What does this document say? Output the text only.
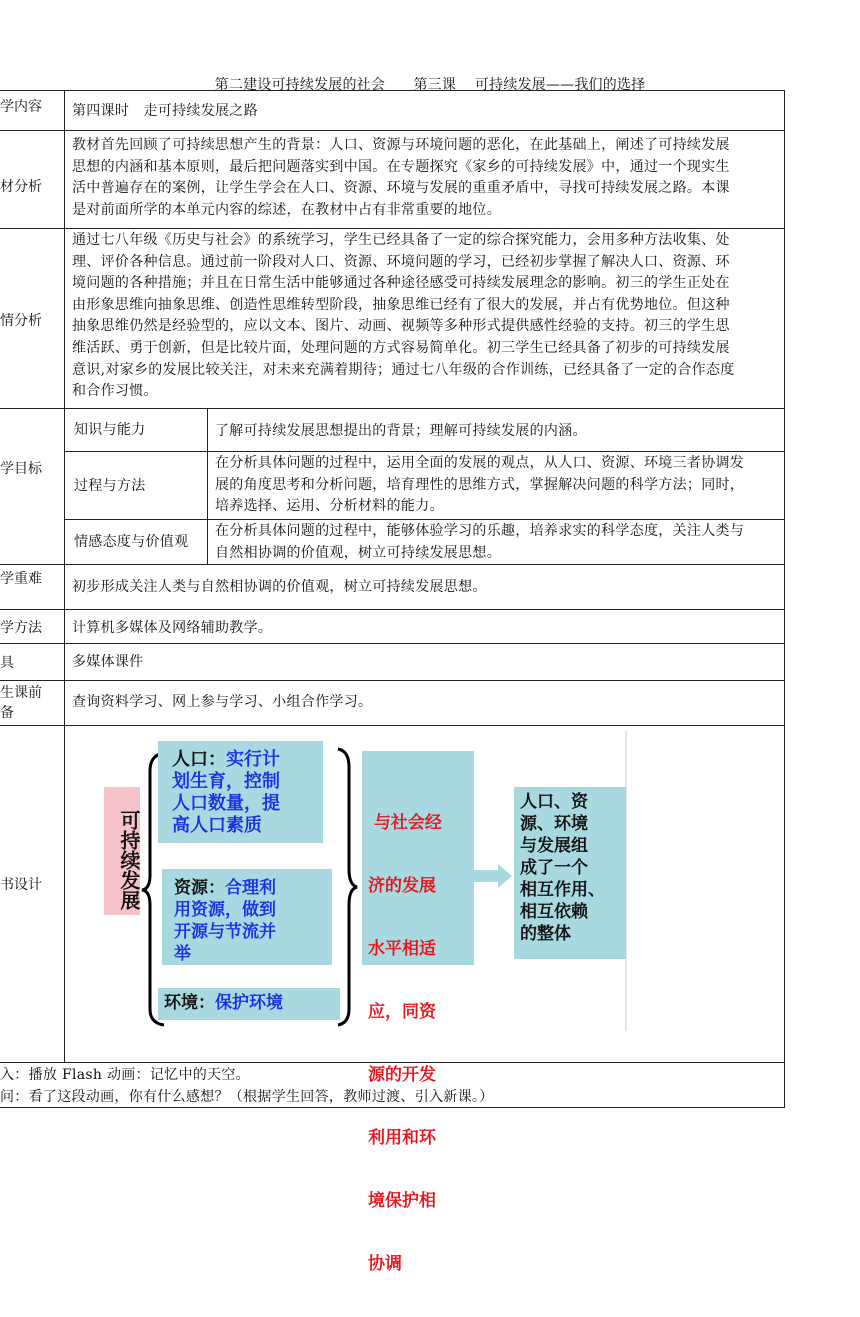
第二建设可持续发展的社会　　第三课　 可持续发展——我们的选择
学内容 第四课时　走可持续发展之路
材分析
教材首先回顾了可持续思想产生的背景：人口、资源与环境问题的恶化，在此基础上，阐述了可持续发展
思想的内涵和基本原则，最后把问题落实到中国。在专题探究《家乡的可持续发展》中，通过一个现实生
活中普遍存在的案例，让学生学会在人口、资源、环境与发展的重重矛盾中，寻找可持续发展之路。本课
是对前面所学的本单元内容的综述，在教材中占有非常重要的地位。
情分析
通过七八年级《历史与社会》的系统学习，学生已经具备了一定的综合探究能力，会用多种方法收集、处
理、评价各种信息。通过前一阶段对人口、资源、环境问题的学习，已经初步掌握了解决人口、资源、环
境问题的各种措施；并且在日常生活中能够通过各种途径感受可持续发展理念的影响。初三的学生正处在
由形象思维向抽象思维、创造性思维转型阶段，抽象思维已经有了很大的发展，并占有优势地位。但这种
抽象思维仍然是经验型的，应以文本、图片、动画、视频等多种形式提供感性经验的支持。初三的学生思
维活跃、勇于创新，但是比较片面，处理问题的方式容易简单化。初三学生已经具备了初步的可持续发展
意识,对家乡的发展比较关注，对未来充满着期待；通过七八年级的合作训练，已经具备了一定的合作态度
和合作习惯。
学目标
知识与能力	了解可持续发展思想提出的背景；理解可持续发展的内涵。
过程与方法
在分析具体问题的过程中，运用全面的发展的观点，从人口、资源、环境三者协调发
展的角度思考和分析问题，培育理性的思维方式，掌握解决问题的科学方法；同时，
培养选择、运用、分析材料的能力。
情感态度与价值观
在分析具体问题的过程中，能够体验学习的乐趣，培养求实的科学态度，关注人类与
自然相协调的价值观，树立可持续发展思想。
学重难 初步形成关注人类与自然相协调的价值观，树立可持续发展思想。
学方法 计算机多媒体及网络辅助教学。
具	多媒体课件
生课前
备
查询资料学习、网上参与学习、小组合作学习。
书设计	可持续发展
人口：实行计
划生育，控制
人口数量，提
高人口素质
资源：合理利
用资源，做到
开源与节流并
举
环境：保护环境

与社会经

济的发展

水平相适

应，同资

源的开发

利用和环

境保护相

协调

人口、资
源、环境
与发展组
成了一个
相互作用、
相互依赖
的整体
入：播放 Flash 动画：记忆中的天空。
问：看了这段动画，你有什么感想？（根据学生回答，教师过渡、引入新课。）
